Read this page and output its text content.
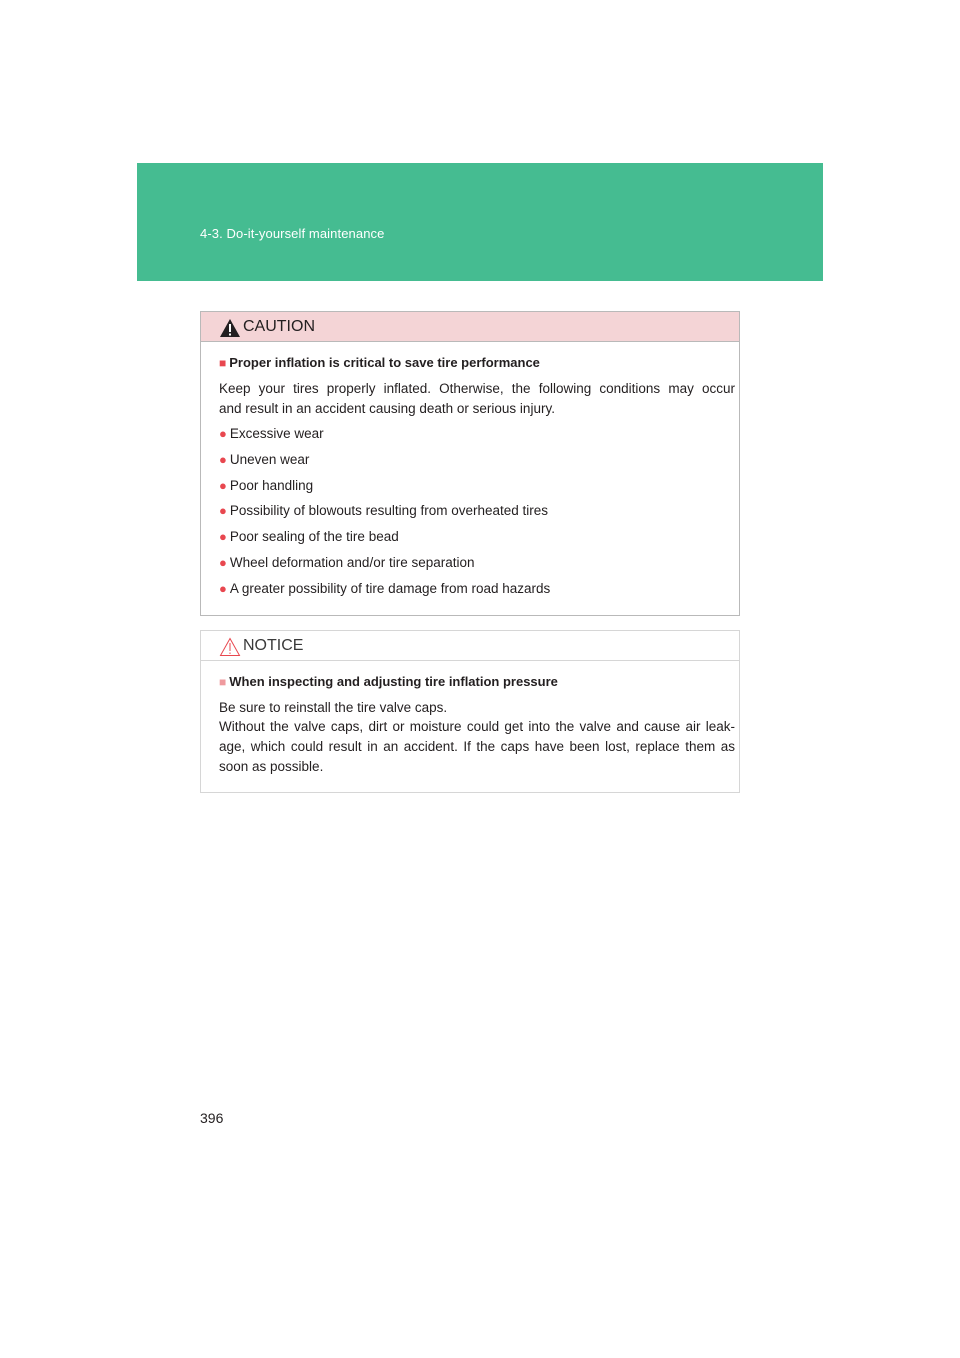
4-3. Do-it-yourself maintenance
CAUTION
■ Proper inflation is critical to save tire performance
Keep your tires properly inflated. Otherwise, the following conditions may occur
and result in an accident causing death or serious injury.
● Excessive wear
● Uneven wear
● Poor handling
● Possibility of blowouts resulting from overheated tires
● Poor sealing of the tire bead
● Wheel deformation and/or tire separation
● A greater possibility of tire damage from road hazards
NOTICE
■ When inspecting and adjusting tire inflation pressure
Be sure to reinstall the tire valve caps.
Without the valve caps, dirt or moisture could get into the valve and cause air leak-
age, which could result in an accident. If the caps have been lost, replace them as
soon as possible.
396
